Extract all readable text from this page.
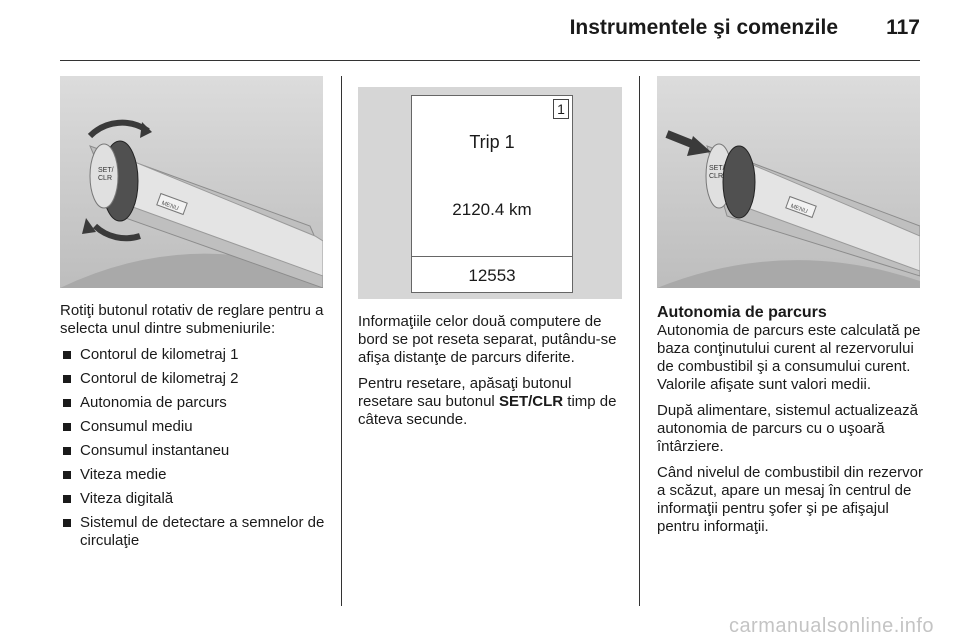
Instrumentele şi comenzile 117
SET/
CLR
MENU

Rotiţi butonul rotativ de reglare pentru a selecta unul dintre submeniurile:

Contorul de kilometraj 1
Contorul de kilometraj 2
Autonomia de parcurs
Consumul mediu
Consumul instantaneu
Viteza medie
Viteza digitală
Sistemul de detectare a semnelor de circulaţie
1
Trip 1
2120.4 km
12553

Informaţiile celor două computere de bord se pot reseta separat, putându-se afişa distanţe de parcurs diferite.

Pentru resetare, apăsaţi butonul resetare sau butonul SET/CLR timp de câteva secunde.

SET/
CLR
MENU
Autonomia de parcurs

Autonomia de parcurs este calculată pe baza conţinutului curent al rezervorului de combustibil şi a consumului curent. Valorile afişate sunt valori medii.

După alimentare, sistemul actualizează autonomia de parcurs cu o uşoară întârziere.

Când nivelul de combustibil din rezervor a scăzut, apare un mesaj în centrul de informaţii pentru şofer şi pe afişajul pentru informaţii.

carmanualsonline.info
